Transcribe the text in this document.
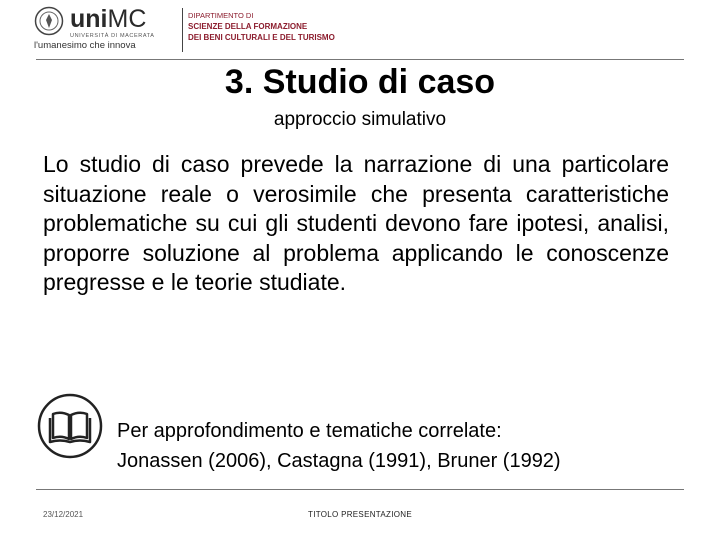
uniMC
UNIVERSITÀ DI MACERATA
l'umanesimo che innova
DIPARTIMENTO DI
SCIENZE DELLA FORMAZIONE
DEI BENI CULTURALI E DEL TURISMO
3. Studio di caso
approccio simulativo
Lo studio di caso prevede la narrazione di una particolare situazione reale o verosimile che presenta caratteristiche problematiche su cui gli studenti devono fare ipotesi, analisi, proporre soluzione al problema applicando le conoscenze pregresse e le teorie studiate.
Per approfondimento e tematiche correlate:
Jonassen (2006), Castagna (1991), Bruner (1992)
23/12/2021	TITOLO PRESENTAZIONE
